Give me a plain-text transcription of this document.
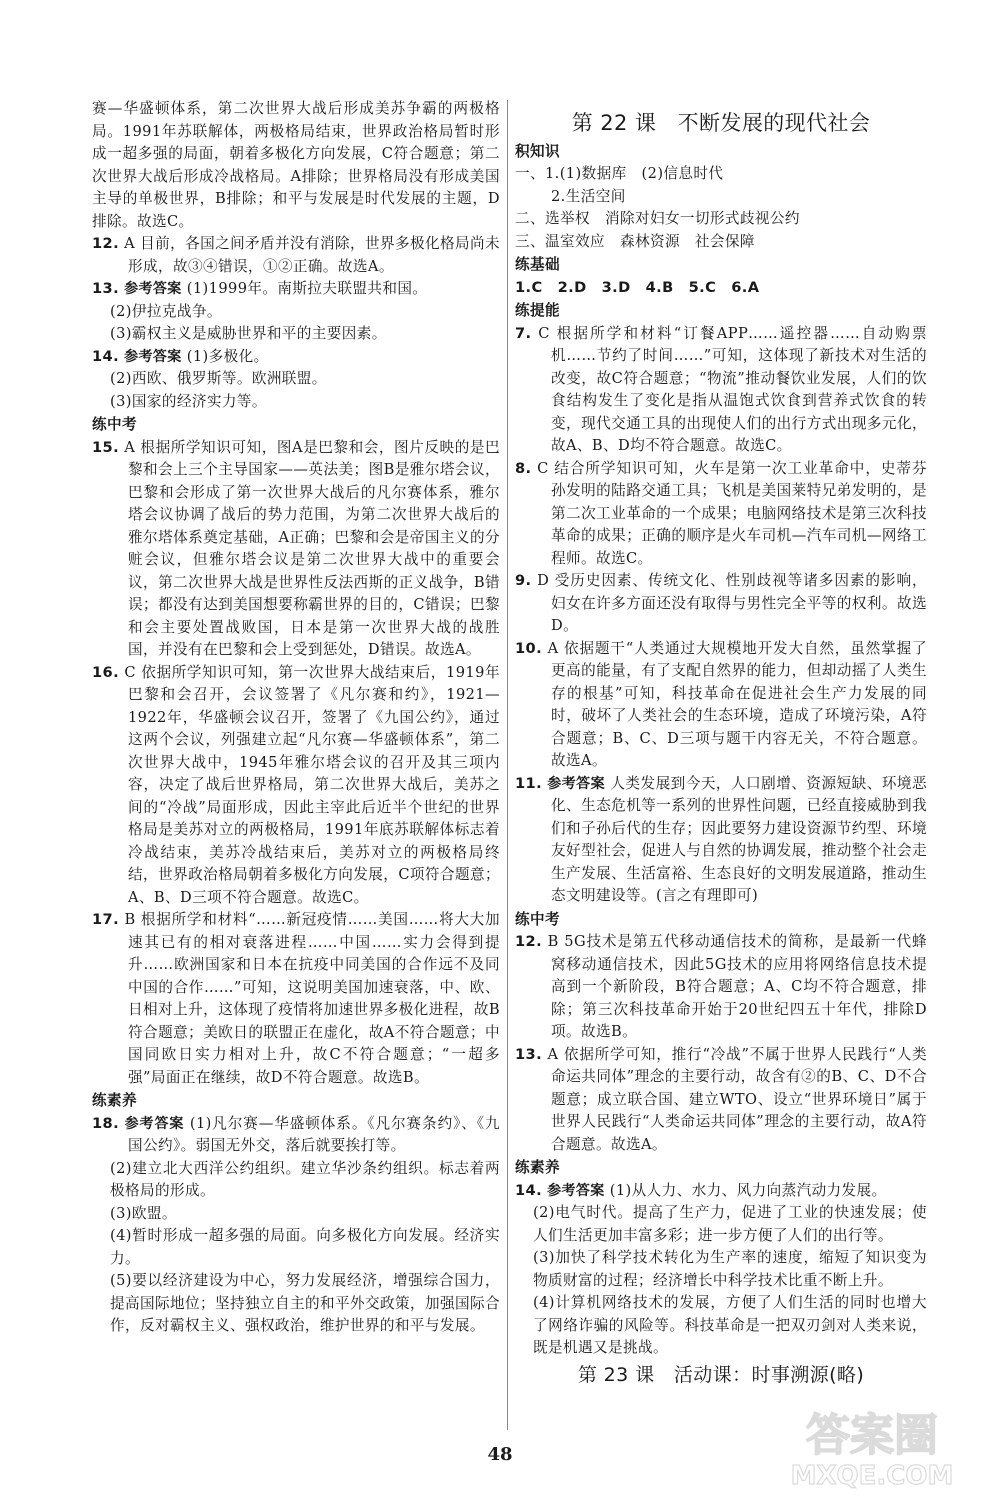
赛—华盛顿体系，第二次世界大战后形成美苏争霸的两极格局。1991年苏联解体，两极格局结束，世界政治格局暂时形成一超多强的局面，朝着多极化方向发展，C符合题意；第二次世界大战后形成冷战格局。A排除；世界格局没有形成美国主导的单极世界，B排除；和平与发展是时代发展的主题，D排除。故选C。

12. A 目前，各国之间矛盾并没有消除，世界多极化格局尚未形成，故③④错误，①②正确。故选A。

13. 参考答案 (1)1999年。南斯拉夫联盟共和国。

(2)伊拉克战争。

(3)霸权主义是威胁世界和平的主要因素。

14. 参考答案 (1)多极化。

(2)西欧、俄罗斯等。欧洲联盟。

(3)国家的经济实力等。

练中考

15. A 根据所学知识可知，图A是巴黎和会，图片反映的是巴黎和会上三个主导国家——英法美；图B是雅尔塔会议，巴黎和会形成了第一次世界大战后的凡尔赛体系，雅尔塔会议协调了战后的势力范围，为第二次世界大战后的雅尔塔体系奠定基础，A正确；巴黎和会是帝国主义的分赃会议，但雅尔塔会议是第二次世界大战中的重要会议，第二次世界大战是世界性反法西斯的正义战争，B错误；都没有达到美国想要称霸世界的目的，C错误；巴黎和会主要处置战败国，日本是第一次世界大战的战胜国，并没有在巴黎和会上受到惩处，D错误。故选A。

16. C 依据所学知识可知，第一次世界大战结束后，1919年巴黎和会召开，会议签署了《凡尔赛和约》，1921—1922年，华盛顿会议召开，签署了《九国公约》，通过这两个会议，列强建立起“凡尔赛—华盛顿体系”，第二次世界大战中，1945年雅尔塔会议的召开及其三项内容，决定了战后世界格局，第二次世界大战后，美苏之间的“冷战”局面形成，因此主宰此后近半个世纪的世界格局是美苏对立的两极格局，1991年底苏联解体标志着冷战结束，美苏冷战结束后，美苏对立的两极格局终结，世界政治格局朝着多极化方向发展，C项符合题意；A、B、D三项不符合题意。故选C。

17. B 根据所学和材料“……新冠疫情……美国……将大大加速其已有的相对衰落进程……中国……实力会得到提升……欧洲国家和日本在抗疫中同美国的合作远不及同中国的合作……”可知，这说明美国加速衰落，中、欧、日相对上升，这体现了疫情将加速世界多极化进程，故B符合题意；美欧日的联盟正在虚化，故A不符合题意；中国同欧日实力相对上升，故C不符合题意；“一超多强”局面正在继续，故D不符合题意。故选B。

练素养

18. 参考答案 (1)凡尔赛—华盛顿体系。《凡尔赛条约》、《九国公约》。弱国无外交，落后就要挨打等。

(2)建立北大西洋公约组织。建立华沙条约组织。标志着两极格局的形成。

(3)欧盟。

(4)暂时形成一超多强的局面。向多极化方向发展。经济实力。

(5)要以经济建设为中心，努力发展经济，增强综合国力，提高国际地位；坚持独立自主的和平外交政策，加强国际合作，反对霸权主义、强权政治，维护世界的和平与发展。

第 22 课　不断发展的现代社会

积知识

一、1.(1)数据库　(2)信息时代

2.生活空间

二、选举权　消除对妇女一切形式歧视公约

三、温室效应　森林资源　社会保障

练基础

1.C　2.D　3.D　4.B　5.C　6.A

练提能

7. C 根据所学和材料“订餐APP……遥控器……自动购票机……节约了时间……”可知，这体现了新技术对生活的改变，故C符合题意；“物流”推动餐饮业发展，人们的饮食结构发生了变化是指从温饱式饮食到营养式饮食的转变，现代交通工具的出现使人们的出行方式出现多元化，故A、B、D均不符合题意。故选C。

8. C 结合所学知识可知，火车是第一次工业革命中，史蒂芬孙发明的陆路交通工具；飞机是美国莱特兄弟发明的，是第二次工业革命的一个成果；电脑网络技术是第三次科技革命的成果；正确的顺序是火车司机—汽车司机—网络工程师。故选C。

9. D 受历史因素、传统文化、性别歧视等诸多因素的影响，妇女在许多方面还没有取得与男性完全平等的权利。故选D。

10. A 依据题干“人类通过大规模地开发大自然，虽然掌握了更高的能量，有了支配自然界的能力，但却动摇了人类生存的根基”可知，科技革命在促进社会生产力发展的同时，破坏了人类社会的生态环境，造成了环境污染，A符合题意；B、C、D三项与题干内容无关，不符合题意。故选A。

11. 参考答案 人类发展到今天，人口剧增、资源短缺、环境恶化、生态危机等一系列的世界性问题，已经直接威胁到我们和子孙后代的生存；因此要努力建设资源节约型、环境友好型社会，促进人与自然的协调发展，推动整个社会走生产发展、生活富裕、生态良好的文明发展道路，推动生态文明建设等。(言之有理即可)

练中考

12. B 5G技术是第五代移动通信技术的简称，是最新一代蜂窝移动通信技术，因此5G技术的应用将网络信息技术提高到一个新阶段，B符合题意；A、C均不符合题意，排除；第三次科技革命开始于20世纪四五十年代，排除D项。故选B。

13. A 依据所学可知，推行“冷战”不属于世界人民践行“人类命运共同体”理念的主要行动，故含有②的B、C、D不合题意；成立联合国、建立WTO、设立“世界环境日”属于世界人民践行“人类命运共同体”理念的主要行动，故A符合题意。故选A。

练素养

14. 参考答案 (1)从人力、水力、风力向蒸汽动力发展。

(2)电气时代。提高了生产力，促进了工业的快速发展；使人们生活更加丰富多彩；进一步方便了人们的出行等。

(3)加快了科学技术转化为生产率的速度，缩短了知识变为物质财富的过程；经济增长中科学技术比重不断上升。

(4)计算机网络技术的发展，方便了人们生活的同时也增大了网络诈骗的风险等。科技革命是一把双刃剑对人类来说，既是机遇又是挑战。

第 23 课　活动课：时事溯源(略)

48	答案圈
MXQE.COM
